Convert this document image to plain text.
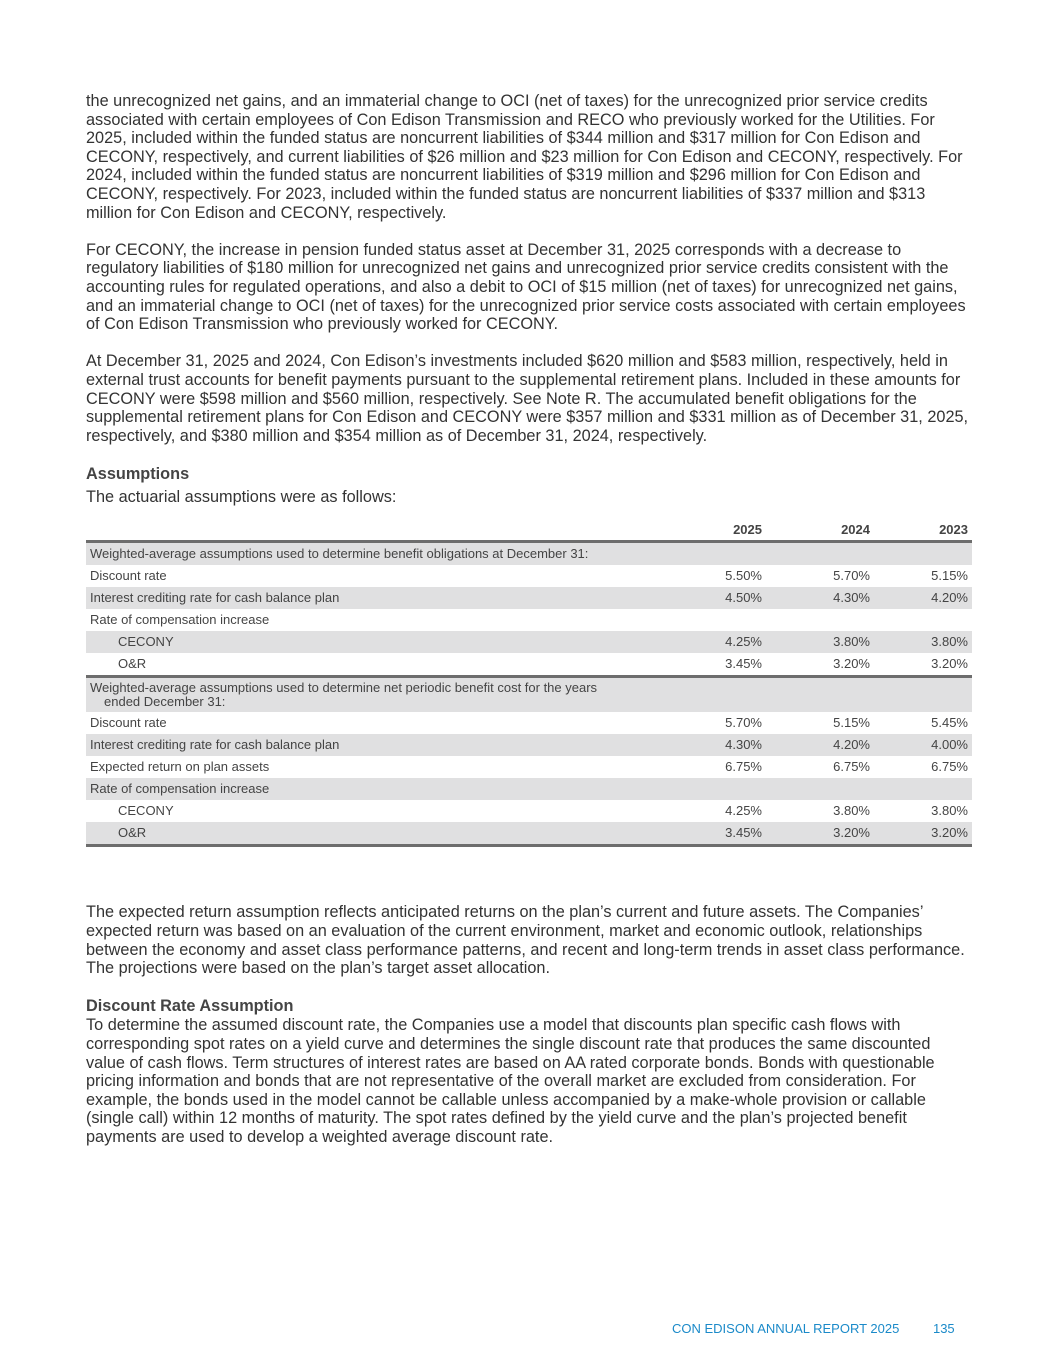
the unrecognized net gains, and an immaterial change to OCI (net of taxes) for the unrecognized prior service credits associated with certain employees of Con Edison Transmission and RECO who previously worked for the Utilities. For 2025, included within the funded status are noncurrent liabilities of $344 million and $317 million for Con Edison and CECONY, respectively, and current liabilities of $26 million and $23 million for Con Edison and CECONY, respectively. For 2024, included within the funded status are noncurrent liabilities of $319 million and $296 million for Con Edison and CECONY, respectively. For 2023, included within the funded status are noncurrent liabilities of $337 million and $313 million for Con Edison and CECONY, respectively.

For CECONY, the increase in pension funded status asset at December 31, 2025 corresponds with a decrease to regulatory liabilities of $180 million for unrecognized net gains and unrecognized prior service credits consistent with the accounting rules for regulated operations, and also a debit to OCI of $15 million (net of taxes) for unrecognized net gains, and an immaterial change to OCI (net of taxes) for the unrecognized prior service costs associated with certain employees of Con Edison Transmission who previously worked for CECONY.

At December 31, 2025 and 2024, Con Edison’s investments included $620 million and $583 million, respectively, held in external trust accounts for benefit payments pursuant to the supplemental retirement plans. Included in these amounts for CECONY were $598 million and $560 million, respectively. See Note R. The accumulated benefit obligations for the supplemental retirement plans for Con Edison and CECONY were $357 million and $331 million as of December 31, 2025, respectively, and $380 million and $354 million as of December 31, 2024, respectively.

Assumptions

The actuarial assumptions were as follows:

	2025	2024	2023
Weighted-average assumptions used to determine benefit obligations at December 31:			
Discount rate	5.50%	5.70%	5.15%
Interest crediting rate for cash balance plan	4.50%	4.30%	4.20%
Rate of compensation increase			
CECONY	4.25%	3.80%	3.80%
O&R	3.45%	3.20%	3.20%
Weighted-average assumptions used to determine net periodic benefit cost for the years
ended December 31:			

Discount rate	5.70%	5.15%	5.45%
Interest crediting rate for cash balance plan	4.30%	4.20%	4.00%
Expected return on plan assets	6.75%	6.75%	6.75%
Rate of compensation increase			
CECONY	4.25%	3.80%	3.80%
O&R	3.45%	3.20%	3.20%

The expected return assumption reflects anticipated returns on the plan’s current and future assets. The Companies’ expected return was based on an evaluation of the current environment, market and economic outlook, relationships between the economy and asset class performance patterns, and recent and long-term trends in asset class performance. The projections were based on the plan’s target asset allocation.

Discount Rate Assumption

To determine the assumed discount rate, the Companies use a model that discounts plan specific cash flows with corresponding spot rates on a yield curve and determines the single discount rate that produces the same discounted value of cash flows. Term structures of interest rates are based on AA rated corporate bonds. Bonds with questionable pricing information and bonds that are not representative of the overall market are excluded from consideration. For example, the bonds used in the model cannot be callable unless accompanied by a make-whole provision or callable (single call) within 12 months of maturity. The spot rates defined by the yield curve and the plan’s projected benefit payments are used to develop a weighted average discount rate.

CON EDISON ANNUAL REPORT 2025	135
